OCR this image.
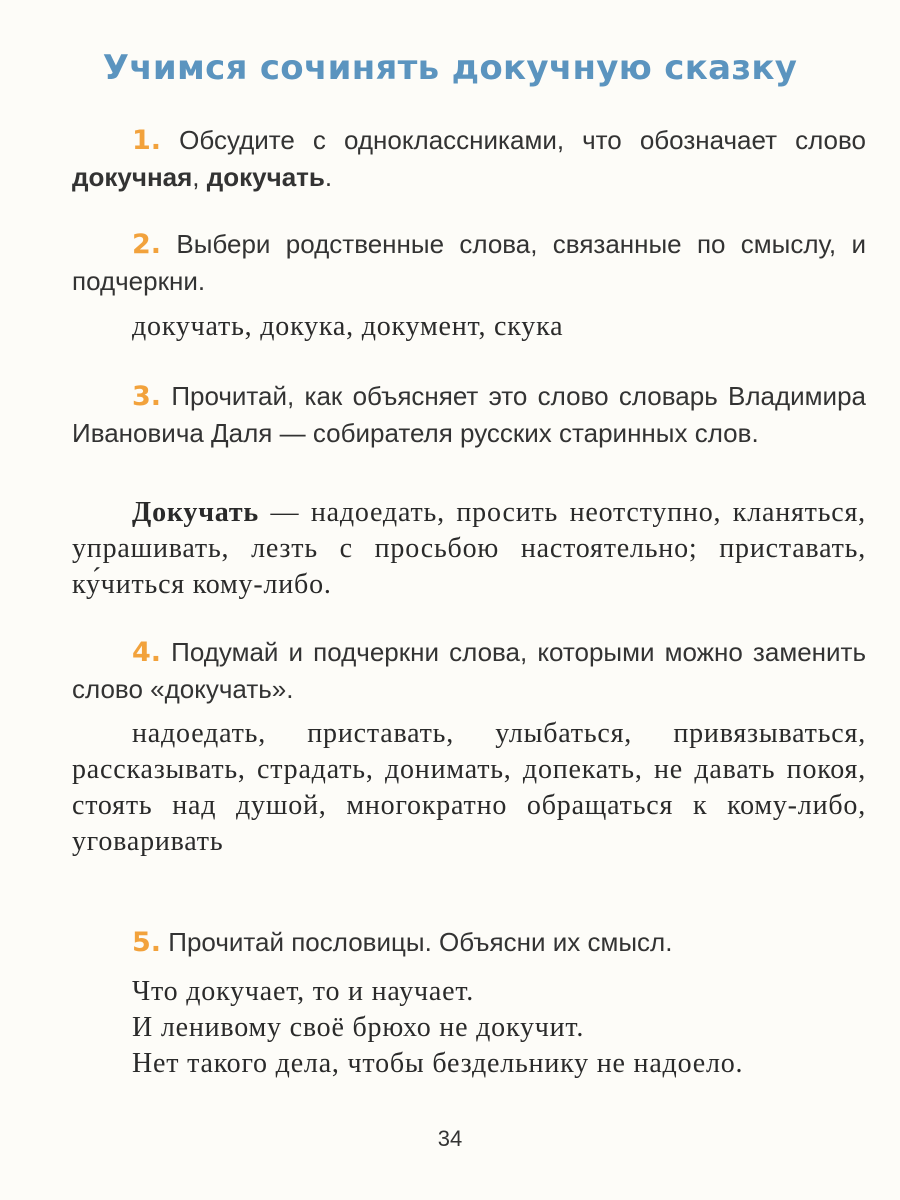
Учимся сочинять докучную сказку

1. Обсудите с одноклассниками, что обозначает слово докучная, докучать.

2. Выбери родственные слова, связанные по смыслу, и подчеркни.

докучать, докука, документ, скука

3. Прочитай, как объясняет это слово словарь Владимира Ивановича Даля — собирателя русских старинных слов.

Докучать — надоедать, просить неотступно, кланяться, упрашивать, лезть с просьбою настоятельно; приставать, ку́читься кому-либо.

4. Подумай и подчеркни слова, которыми можно заменить слово «докучать».

надоедать, приставать, улыбаться, привязываться, рассказывать, страдать, донимать, допекать, не давать покоя, стоять над душой, многократно обращаться к кому-либо, уговаривать

5. Прочитай пословицы. Объясни их смысл.

Что докучает, то и научает.
И ленивому своё брюхо не докучит.
Нет такого дела, чтобы бездельнику не надоело.

34
